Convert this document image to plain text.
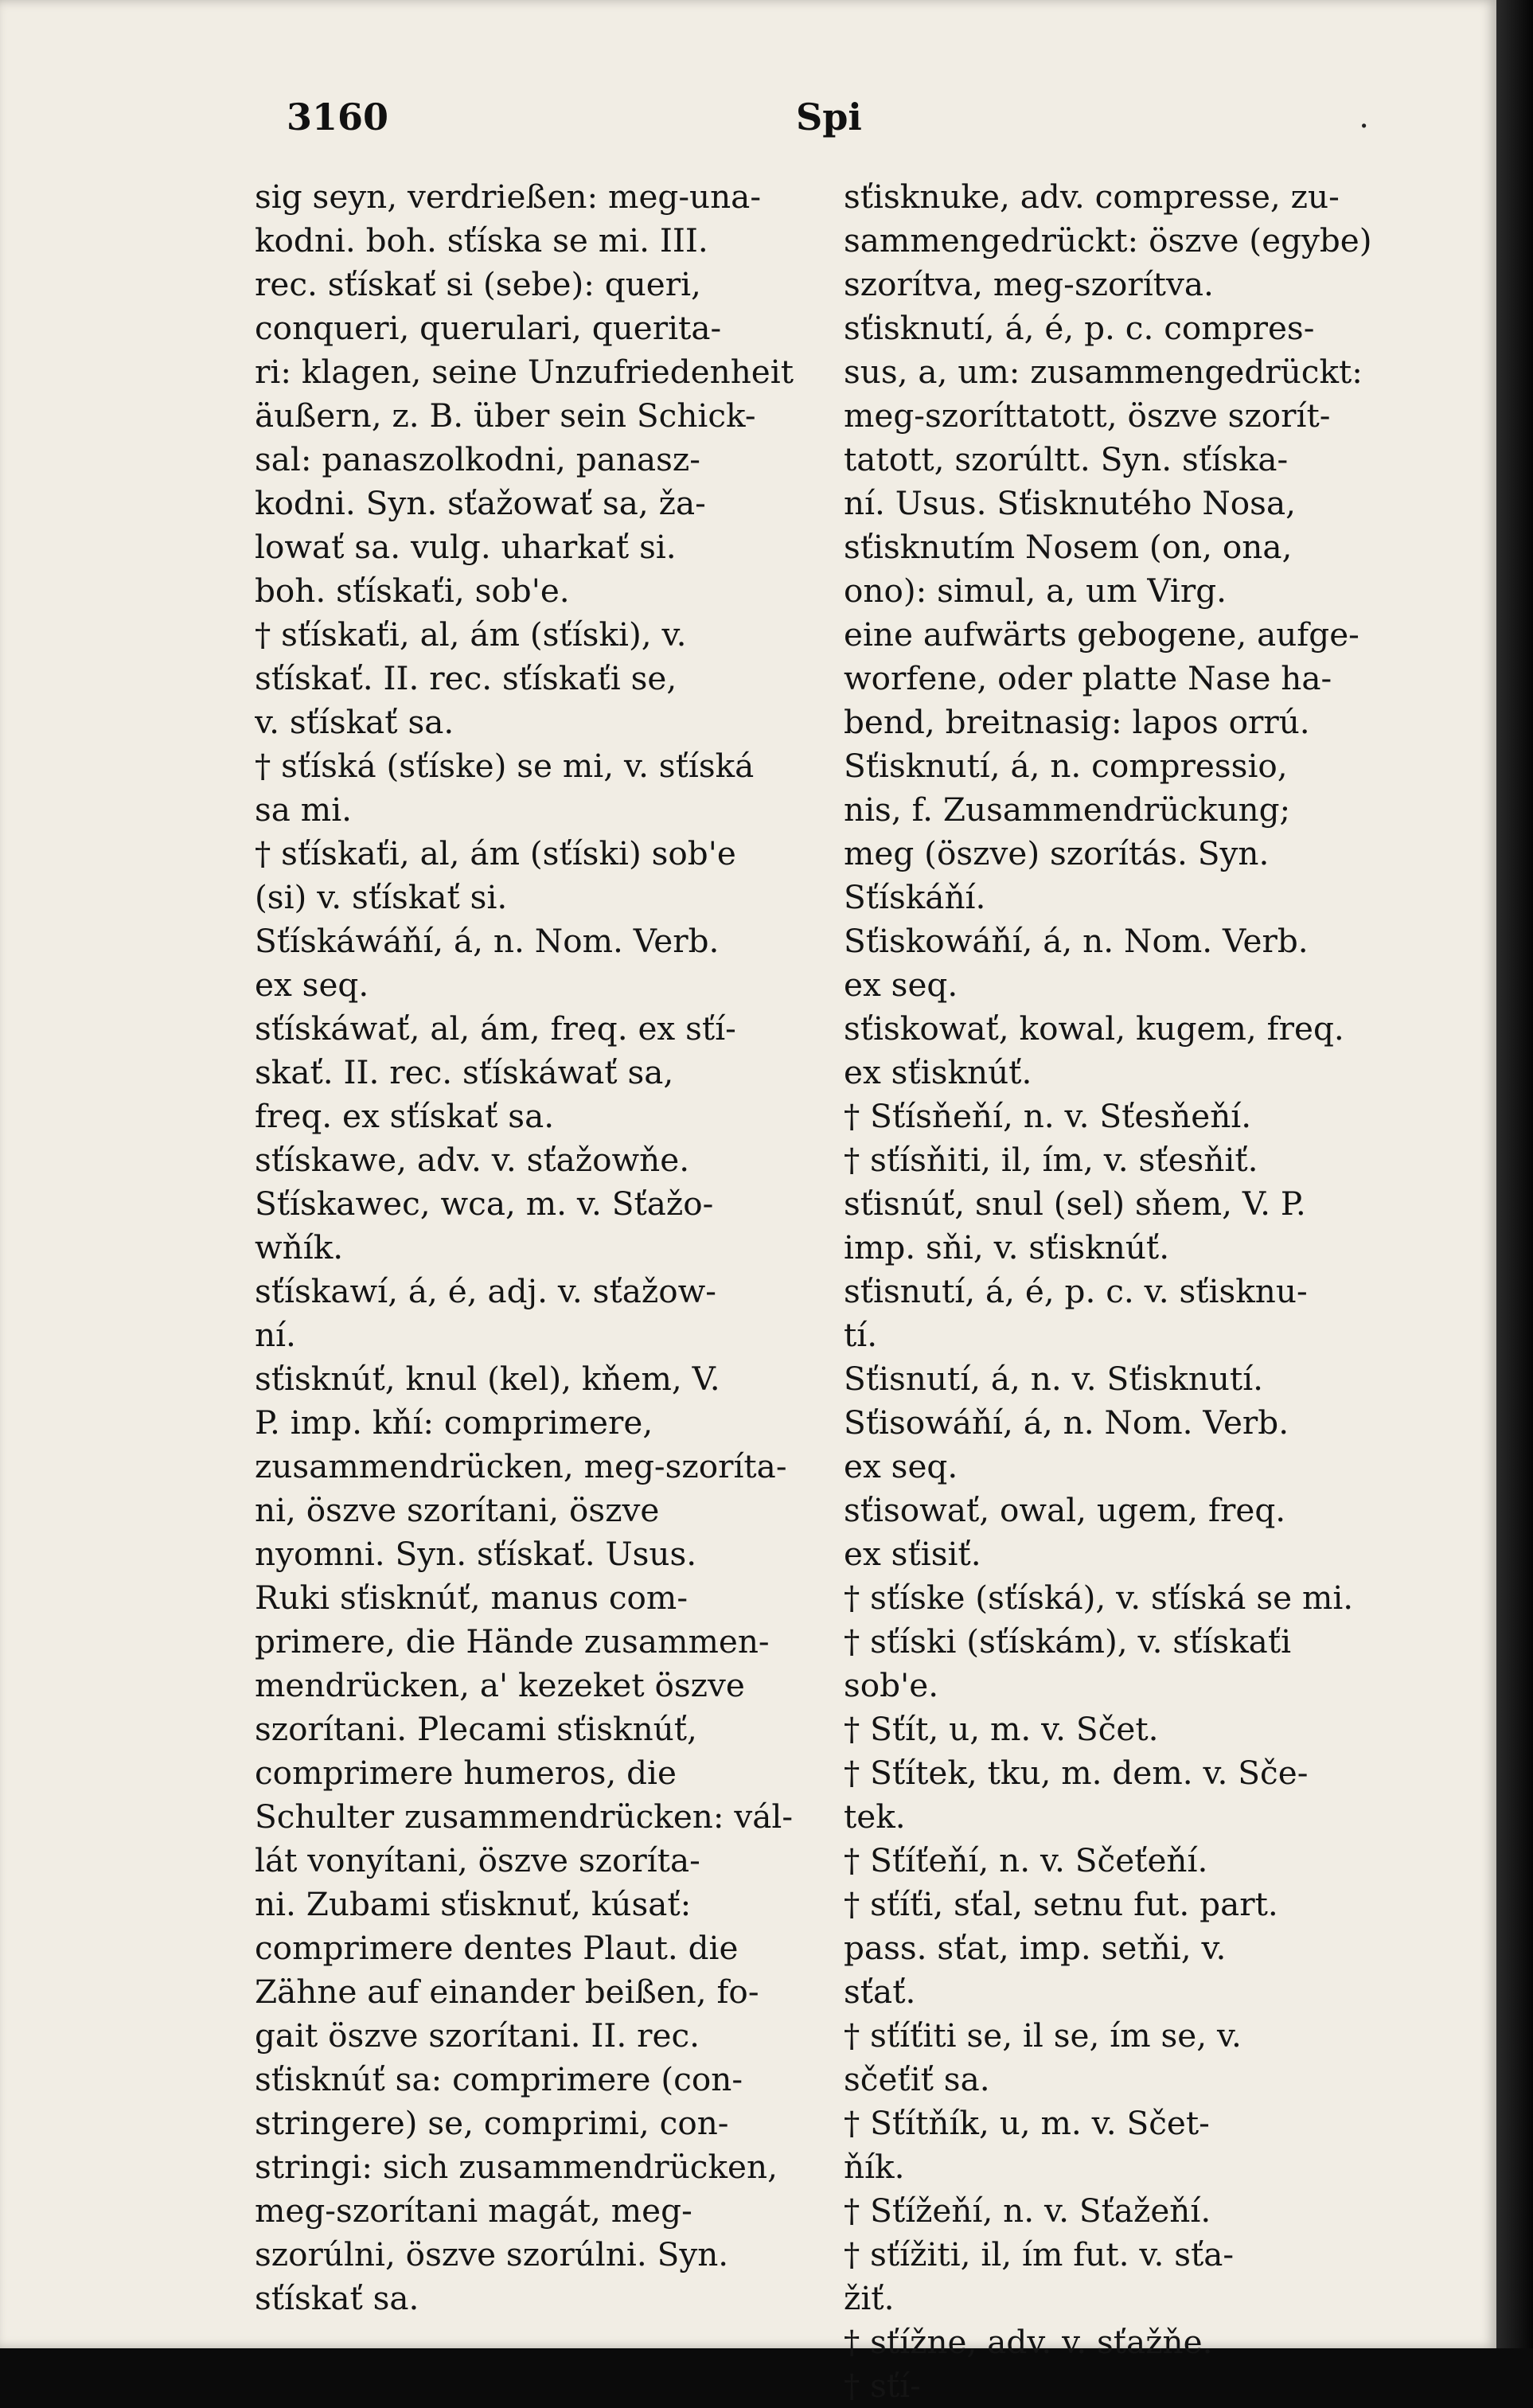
3160	Spi	.

sig seyn, verdrießen: meg-una-

kodni. boh. sťíska se mi. III.

rec. sťískať si (sebe): queri,

conqueri, querulari, querita-

ri: klagen, seine Unzufriedenheit

äußern, z. B. über sein Schick-

sal: panaszolkodni, panasz-

kodni. Syn. sťažowať sa, ža-

lowať sa. vulg. uharkať si.

boh. sťískaťi, sob'e.

† sťískaťi, al, ám (sťíski), v.

sťískať. II. rec. sťískaťi se,

v. sťískať sa.

† sťíská (sťíske) se mi, v. sťíská

sa mi.

† sťískaťi, al, ám (sťíski) sob'e

(si) v. sťískať si.

Sťískáwáňí, á, n. Nom. Verb.

ex seq.

sťískáwať, al, ám, freq. ex sťí-

skať. II. rec. sťískáwať sa,

freq. ex sťískať sa.

sťískawe, adv. v. sťažowňe.

Sťískawec, wca, m. v. Sťažo-

wňík.

sťískawí, á, é, adj. v. sťažow-

ní.

sťisknúť, knul (kel), kňem, V.

P. imp. kňí: comprimere,

zusammendrücken, meg-szoríta-

ni, öszve szorítani, öszve

nyomni. Syn. sťískať. Usus.

Ruki sťisknúť, manus com-

primere, die Hände zusammen-

mendrücken, a' kezeket öszve

szorítani. Plecami sťisknúť,

comprimere humeros, die

Schulter zusammendrücken: vál-

lát vonyítani, öszve szoríta-

ni. Zubami sťisknuť, kúsať:

comprimere dentes Plaut. die

Zähne auf einander beißen, fo-

gait öszve szorítani. II. rec.

sťisknúť sa: comprimere (con-

stringere) se, comprimi, con-

stringi: sich zusammendrücken,

meg-szorítani magát, meg-

szorúlni, öszve szorúlni. Syn.

sťískať sa.

sťisknuke, adv. compresse, zu-

sammengedrückt: öszve (egybe)

szorítva, meg-szorítva.

sťisknutí, á, é, p. c. compres-

sus, a, um: zusammengedrückt:

meg-szoríttatott, öszve szorít-

tatott, szorúltt. Syn. sťíska-

ní. Usus. Sťisknutého Nosa,

sťisknutím Nosem (on, ona,

ono): simul, a, um Virg.

eine aufwärts gebogene, aufge-

worfene, oder platte Nase ha-

bend, breitnasig: lapos orrú.

Sťisknutí, á, n. compressio,

nis, f. Zusammendrückung;

meg (öszve) szorítás. Syn.

Sťískáňí.

Sťiskowáňí, á, n. Nom. Verb.

ex seq.

sťiskowať, kowal, kugem, freq.

ex sťisknúť.

† Sťísňeňí, n. v. Sťesňeňí.

† sťísňiti, il, ím, v. sťesňiť.

sťisnúť, snul (sel) sňem, V. P.

imp. sňi, v. sťisknúť.

sťisnutí, á, é, p. c. v. sťisknu-

tí.

Sťisnutí, á, n. v. Sťisknutí.

Sťisowáňí, á, n. Nom. Verb.

ex seq.

sťisowať, owal, ugem, freq.

ex sťisiť.

† sťíske (sťíská), v. sťíská se mi.

† sťíski (sťískám), v. sťískaťi

sob'e.

† Sťít, u, m. v. Sčet.

† Sťítek, tku, m. dem. v. Sče-

tek.

† Sťíťeňí, n. v. Sčeťeňí.

† sťíťi, sťal, setnu fut. part.

pass. sťat, imp. setňi, v.

sťať.

† sťíťiti se, il se, ím se, v.

sčeťiť sa.

† Sťítňík, u, m. v. Sčet-

ňík.

† Sťížeňí, n. v. Sťažeňí.

† sťížiti, il, ím fut. v. sťa-

žiť.

† sťížne, adv. v. sťažňe.

† sťí-
